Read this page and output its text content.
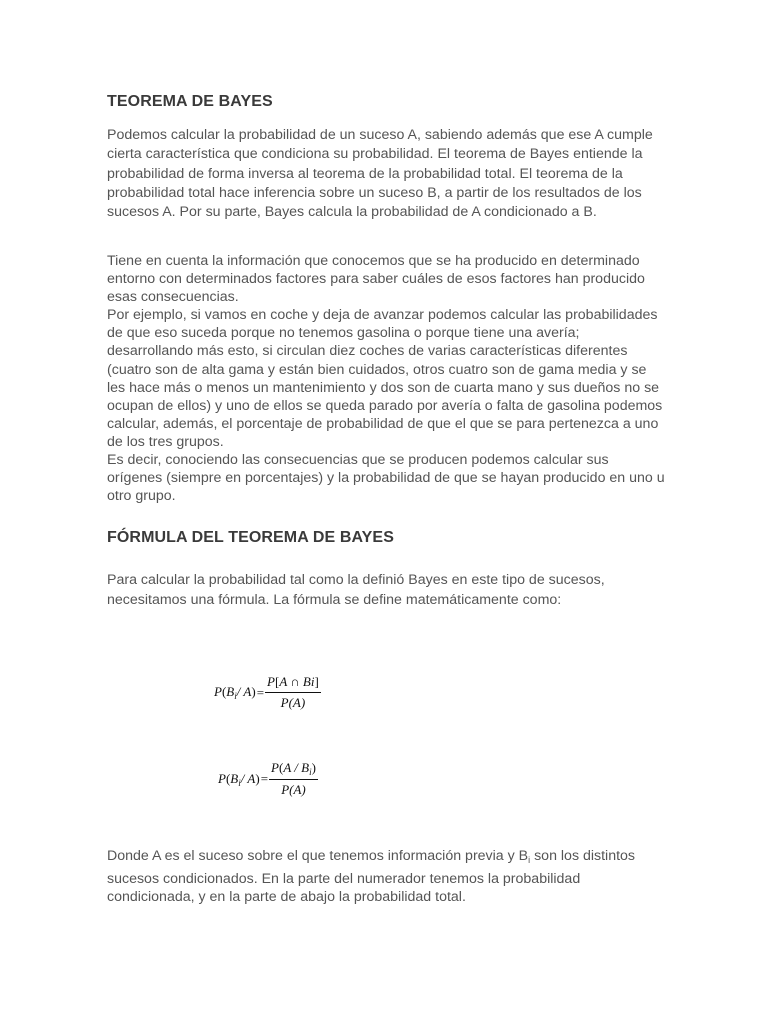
TEOREMA DE BAYES

Podemos calcular la probabilidad de un suceso A, sabiendo además que ese A cumple cierta característica que condiciona su probabilidad. El teorema de Bayes entiende la probabilidad de forma inversa al teorema de la probabilidad total. El teorema de la probabilidad total hace inferencia sobre un suceso B, a partir de los resultados de los sucesos A. Por su parte, Bayes calcula la probabilidad de A condicionado a B.

Tiene en cuenta la información que conocemos que se ha producido en determinado entorno con determinados factores para saber cuáles de esos factores han producido esas consecuencias.
Por ejemplo, si vamos en coche y deja de avanzar podemos calcular las probabilidades de que eso suceda porque no tenemos gasolina o porque tiene una avería; desarrollando más esto, si circulan diez coches de varias características diferentes (cuatro son de alta gama y están bien cuidados, otros cuatro son de gama media y se les hace más o menos un mantenimiento y dos son de cuarta mano y sus dueños no se ocupan de ellos) y uno de ellos se queda parado por avería o falta de gasolina podemos calcular, además, el porcentaje de probabilidad de que el que se para pertenezca a uno de los tres grupos.
Es decir, conociendo las consecuencias que se producen podemos calcular sus orígenes (siempre en porcentajes) y la probabilidad de que se hayan producido en uno u otro grupo.

FÓRMULA DEL TEOREMA DE BAYES

Para calcular la probabilidad tal como la definió Bayes en este tipo de sucesos, necesitamos una fórmula. La fórmula se define matemáticamente como:

Donde A es el suceso sobre el que tenemos información previa y $B_i$ son los distintos sucesos condicionados. En la parte del numerador tenemos la probabilidad condicionada, y en la parte de abajo la probabilidad total.

$P(B_i/$ $A) = \frac{P[A \cap Bi]}{P(A)}$
$P(B_i/$ $A) = \frac{P(A / B_i)}{P(A)}$
